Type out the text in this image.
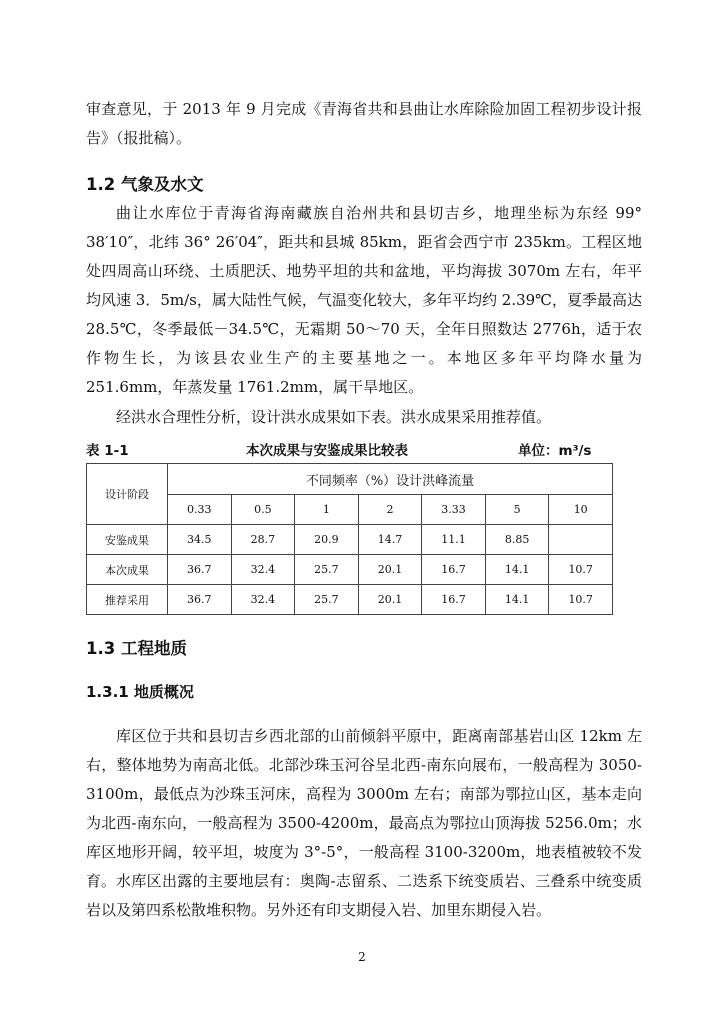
审查意见，于 2013 年 9 月完成《青海省共和县曲让水库除险加固工程初步设计报告》（报批稿）。

1.2 气象及水文

曲让水库位于青海省海南藏族自治州共和县切吉乡，地理坐标为东经 99° 38′10″，北纬 36° 26′04″，距共和县城 85km，距省会西宁市 235km。工程区地处四周高山环绕、土质肥沃、地势平坦的共和盆地，平均海拔 3070m 左右，年平均风速 3．5m/s，属大陆性气候，气温变化较大，多年平均约 2.39℃，夏季最高达 28.5℃，冬季最低－34.5℃，无霜期 50～70 天，全年日照数达 2776h，适于农作物生长，为该县农业生产的主要基地之一。本地区多年平均降水量为 251.6mm，年蒸发量 1761.2mm，属干旱地区。

经洪水合理性分析，设计洪水成果如下表。洪水成果采用推荐值。

表 1-1	本次成果与安鉴成果比较表	单位：m³/s
设计阶段	不同频率（%）设计洪峰流量						
	0.33	0.5	1	2	3.33	5	10
安鉴成果	34.5	28.7	20.9	14.7	11.1	8.85	
本次成果	36.7	32.4	25.7	20.1	16.7	14.1	10.7
推荐采用	36.7	32.4	25.7	20.1	16.7	14.1	10.7
1.3 工程地质
1.3.1 地质概况

库区位于共和县切吉乡西北部的山前倾斜平原中，距离南部基岩山区 12km 左右，整体地势为南高北低。北部沙珠玉河谷呈北西-南东向展布，一般高程为 3050-3100m，最低点为沙珠玉河床，高程为 3000m 左右；南部为鄂拉山区，基本走向为北西-南东向，一般高程为 3500-4200m，最高点为鄂拉山顶海拔 5256.0m；水库区地形开阔，较平坦，坡度为 3°-5°，一般高程 3100-3200m，地表植被较不发育。 水库区出露的主要地层有：奥陶-志留系、二迭系下统变质岩、三叠系中统变质岩以及第四系松散堆积物。另外还有印支期侵入岩、加里东期侵入岩。

2
